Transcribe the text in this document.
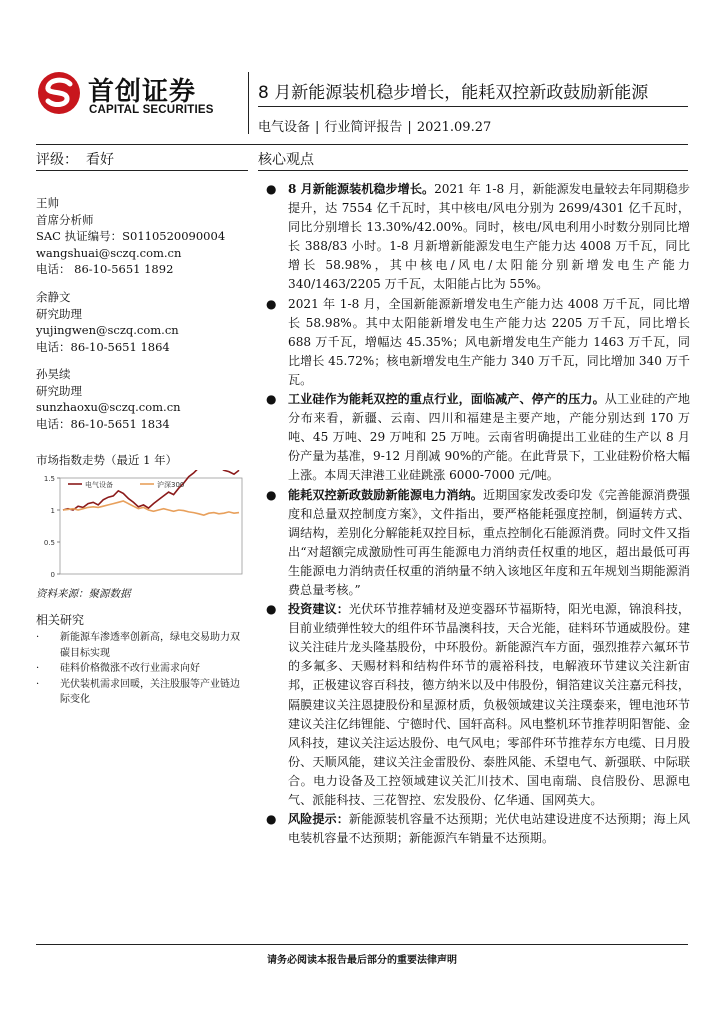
首创证券
CAPITAL SECURITIES
8 月新能源装机稳步增长，能耗双控新政鼓励新能源
电气设备 | 行业简评报告 | 2021.09.27
评级： 看好	核心观点
王帅
首席分析师
SAC 执证编号：S0110520090004
wangshuai@sczq.com.cn
电话： 86-10-5651 1892
余静文
研究助理
yujingwen@sczq.com.cn
电话：86-10-5651 1864
孙昊续
研究助理
sunzhaoxu@sczq.com.cn
电话：86-10-5651 1834
市场指数走势（最近 1 年）
0
0.5
1
1.5
电气设备	沪深300
资料来源：聚源数据
相关研究
·	新能源车渗透率创新高，绿电交易助力双碳目标实现
·	硅料价格微涨不改行业需求向好
·	光伏装机需求回暖，关注股服等产业链边际变化
● 8 月新能源装机稳步增长。2021 年 1-8 月，新能源发电量较去年同期稳步提升，达 7554 亿千瓦时，其中核电/风电分别为 2699/4301 亿千瓦时，同比分别增长 13.30%/42.00%。同时，核电/风电利用小时数分别同比增长 388/83 小时。1-8 月新增新能源发电生产能力达 4008 万千瓦，同比增长 58.98%，其中核电/风电/太阳能分别新增发电生产能力 340/1463/2205 万千瓦，太阳能占比为 55%。
● 2021 年 1-8 月，全国新能源新增发电生产能力达 4008 万千瓦，同比增长 58.98%。其中太阳能新增发电生产能力达 2205 万千瓦，同比增长 688 万千瓦，增幅达 45.35%；风电新增发电生产能力 1463 万千瓦，同比增长 45.72%；核电新增发电生产能力 340 万千瓦，同比增加 340 万千瓦。
● 工业硅作为能耗双控的重点行业，面临减产、停产的压力。从工业硅的产地分布来看，新疆、云南、四川和福建是主要产地，产能分别达到 170 万吨、45 万吨、29 万吨和 25 万吨。云南省明确提出工业硅的生产以 8 月份产量为基准，9-12 月削减 90%的产能。在此背景下，工业硅粉价格大幅上涨。本周天津港工业硅跳涨 6000-7000 元/吨。
● 能耗双控新政鼓励新能源电力消纳。近期国家发改委印发《完善能源消费强度和总量双控制度方案》，文件指出，要严格能耗强度控制，倒逼转方式、调结构，差别化分解能耗双控目标，重点控制化石能源消费。同时文件又指出“对超额完成激励性可再生能源电力消纳责任权重的地区，超出最低可再生能源电力消纳责任权重的消纳量不纳入该地区年度和五年规划当期能源消费总量考核。”
● 投资建议：光伏环节推荐辅材及逆变器环节福斯特，阳光电源，锦浪科技，目前业绩弹性较大的组件环节晶澳科技，天合光能，硅料环节通威股份。建议关注硅片龙头隆基股份，中环股份。新能源汽车方面，强烈推荐六氟环节的多氟多、天赐材料和结构件环节的震裕科技，电解液环节建议关注新宙邦，正极建议容百科技，德方纳米以及中伟股份，铜箔建议关注嘉元科技，隔膜建议关注恩捷股份和星源材质，负极领域建议关注璞泰来，锂电池环节建议关注亿纬锂能、宁德时代、国轩高科。风电整机环节推荐明阳智能、金风科技，建议关注运达股份、电气风电；零部件环节推荐东方电缆、日月股份、天顺风能，建议关注金雷股份、泰胜风能、禾望电气、新强联、中际联合。电力设备及工控领域建议关汇川技术、国电南瑞、良信股份、思源电气、派能科技、三花智控、宏发股份、亿华通、国网英大。
● 风险提示：新能源装机容量不达预期；光伏电站建设进度不达预期；海上风电装机容量不达预期；新能源汽车销量不达预期。
请务必阅读本报告最后部分的重要法律声明
